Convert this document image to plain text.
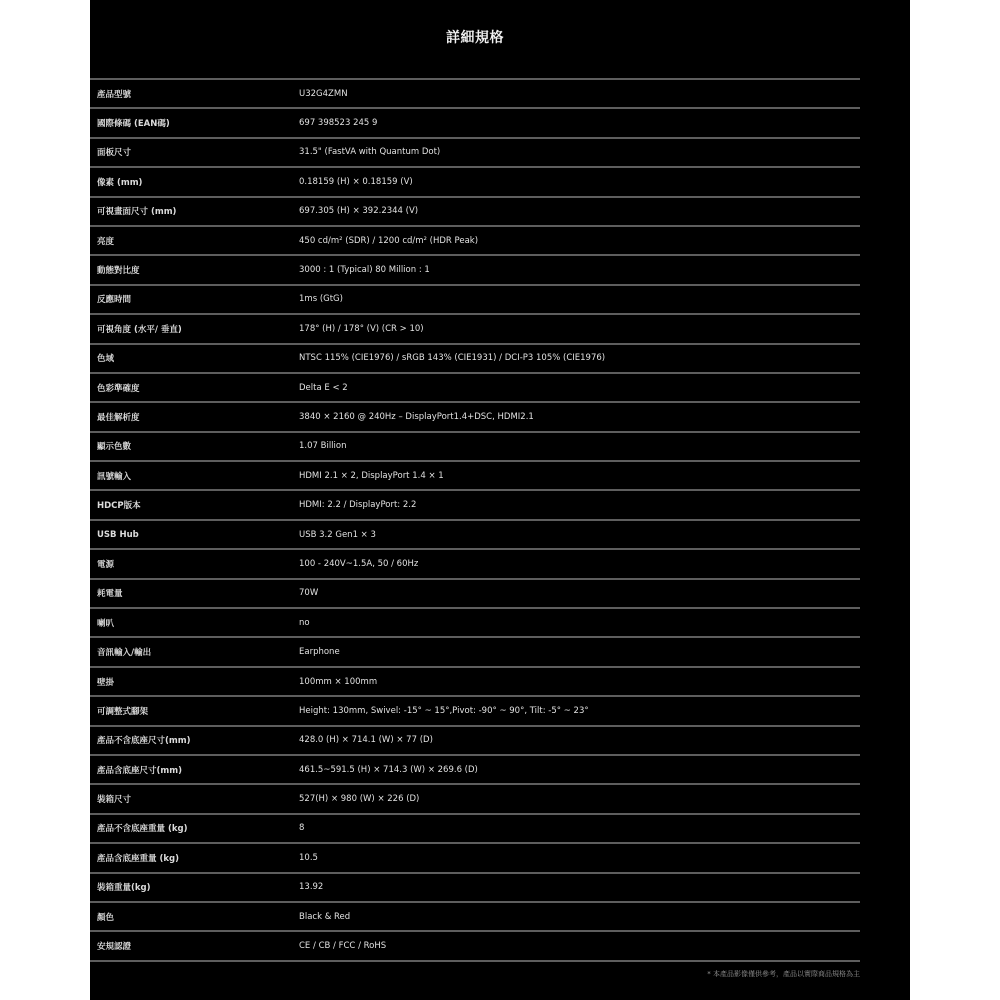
詳細規格
產品型號	U32G4ZMN
國際條碼 (EAN碼)	697 398523 245 9
面板尺寸	31.5" (FastVA with Quantum Dot)
像素 (mm)	0.18159 (H) × 0.18159 (V)
可視畫面尺寸 (mm)	697.305 (H) × 392.2344 (V)
亮度	450 cd/m² (SDR) / 1200 cd/m² (HDR Peak)
動態對比度	3000 : 1 (Typical) 80 Million : 1
反應時間	1ms (GtG)
可視角度 (水平/ 垂直)	178° (H) / 178° (V) (CR > 10)
色域	NTSC 115% (CIE1976) / sRGB 143% (CIE1931) / DCI-P3 105% (CIE1976)
色彩準確度	Delta E < 2
最佳解析度	3840 × 2160 @ 240Hz – DisplayPort1.4+DSC, HDMI2.1
顯示色數	1.07 Billion
訊號輸入	HDMI 2.1 × 2, DisplayPort 1.4 × 1
HDCP版本	HDMI: 2.2 / DisplayPort: 2.2
USB Hub	USB 3.2 Gen1 × 3
電源	100 - 240V~1.5A, 50 / 60Hz
耗電量	70W
喇叭	no
音訊輸入/輸出	Earphone
壁掛	100mm × 100mm
可調整式腳架	Height: 130mm, Swivel: -15° ~ 15°,Pivot: -90° ~ 90°, Tilt: -5° ~ 23°
產品不含底座尺寸(mm)	428.0 (H) × 714.1 (W) × 77 (D)
產品含底座尺寸(mm)	461.5~591.5 (H) × 714.3 (W) × 269.6 (D)
裝箱尺寸	527(H) × 980 (W) × 226 (D)
產品不含底座重量 (kg)	8
產品含底座重量 (kg)	10.5
裝箱重量(kg)	13.92
顏色	Black & Red
安規認證	CE / CB / FCC / RoHS
* 本產品影像僅供參考，產品以實際商品規格為主
